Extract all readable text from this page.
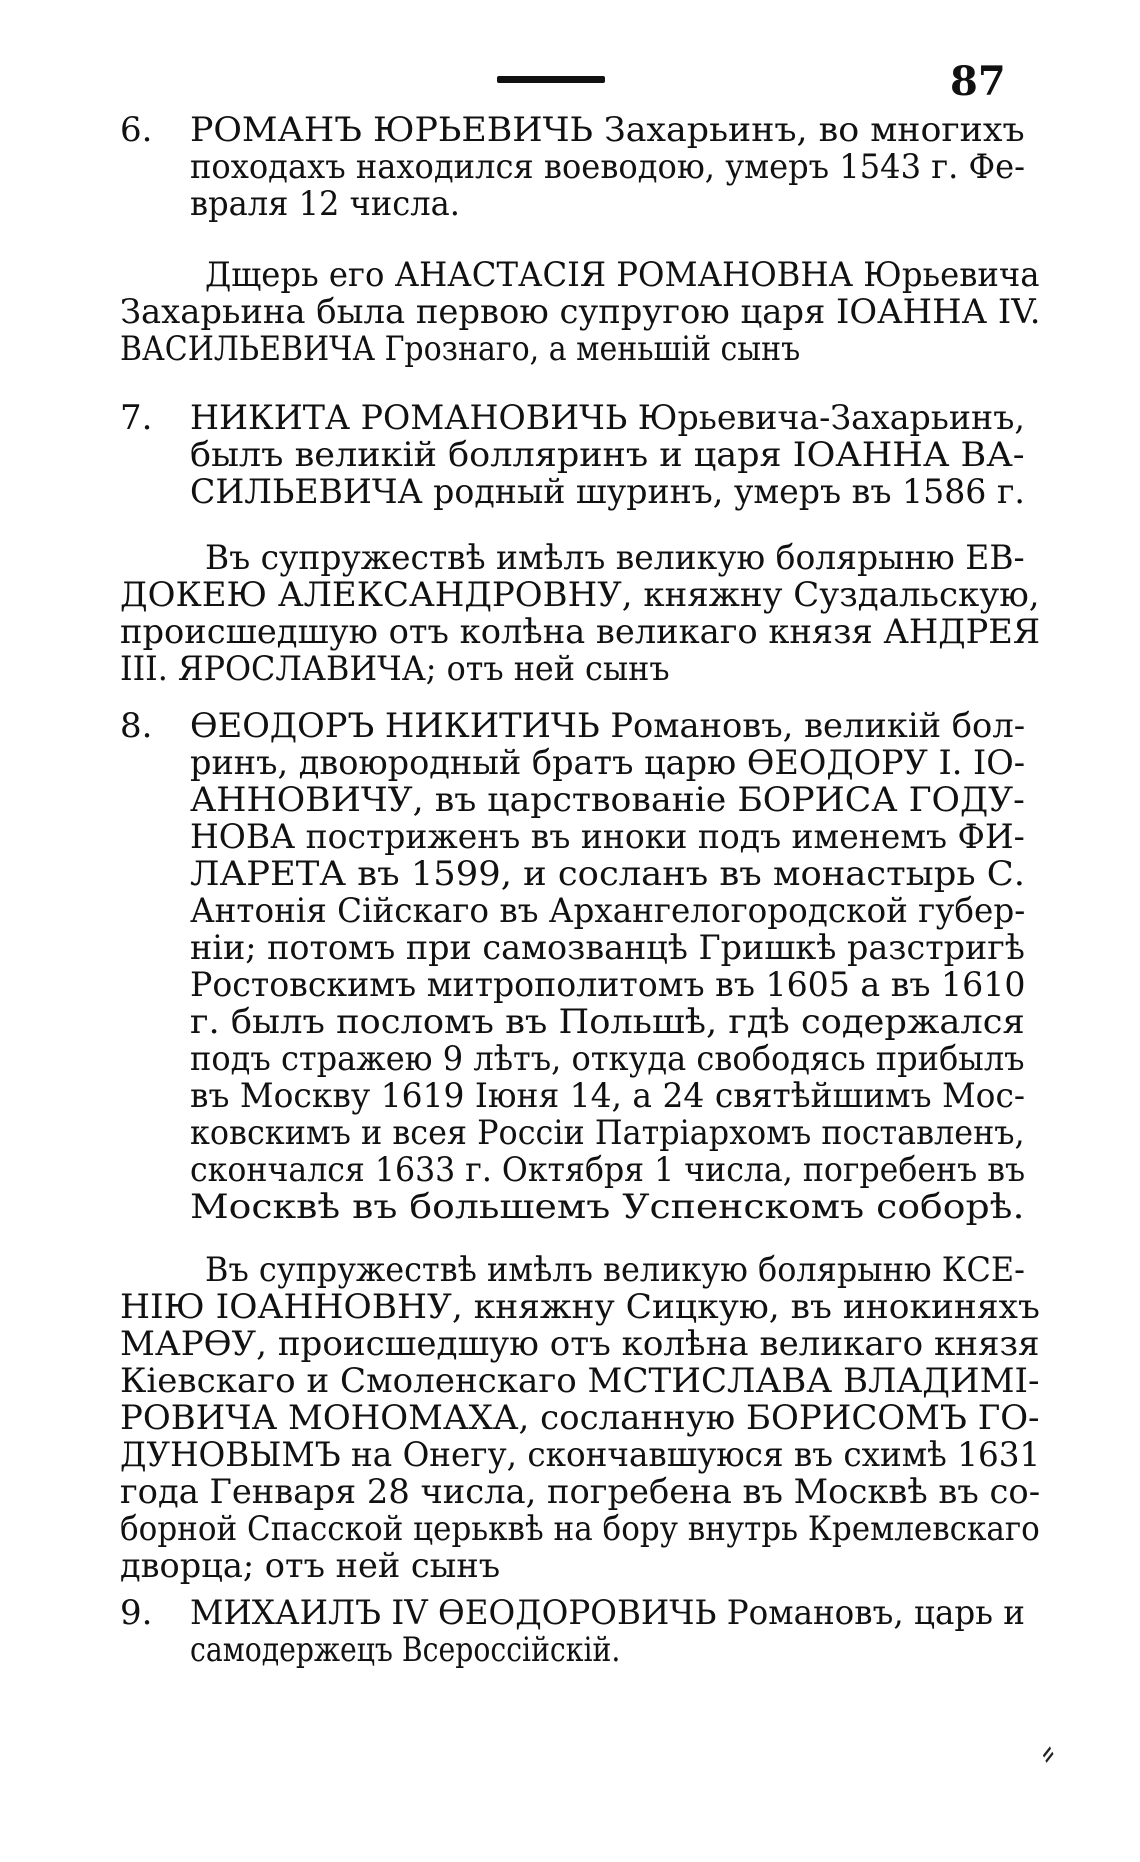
87
6. РОМАНЪ ЮРЬЕВИЧЬ Захарьинъ, во многихъ
походахъ находился воеводою, умеръ 1543 г. Фе-
враля 12 числа.
Дщерь его АНАСТАСІЯ РОМАНОВНА Юрьевича
Захарьина была первою супругою царя ІОАННА IV.
ВАСИЛЬЕВИЧА Грознаго, а меньшій сынъ
7. НИКИТА РОМАНОВИЧЬ Юрьевича-Захарьинъ,
былъ великій болляринъ и царя ІОАННА ВА-
СИЛЬЕВИЧА родный шуринъ, умеръ въ 1586 г.
Въ супружествѣ имѣлъ великую болярыню ЕВ-
ДОКЕЮ АЛЕКСАНДРОВНУ, княжну Суздальскую,
происшедшую отъ колѣна великаго князя АНДРЕЯ
III. ЯРОСЛАВИЧА; отъ ней сынъ
8. ѲЕОДОРЪ НИКИТИЧЬ Романовъ, великій бол-
ринъ, двоюродный братъ царю ѲЕОДОРУ І. ІО-
АННОВИЧУ, въ царствованіе БОРИСА ГОДУ-
НОВА постриженъ въ иноки подъ именемъ ФИ-
ЛАРЕТА въ 1599, и сосланъ въ монастырь С.
Антонія Сійскаго въ Архангелогородской губер-
ніи; потомъ при самозванцѣ Гришкѣ разстригѣ
Ростовскимъ митрополитомъ въ 1605 а въ 1610
г. былъ посломъ въ Польшѣ, гдѣ содержался
подъ стражею 9 лѣтъ, откуда свободясь прибылъ
въ Москву 1619 Іюня 14, а 24 святѣйшимъ Мос-
ковскимъ и всея Россіи Патріархомъ поставленъ,
скончался 1633 г. Октября 1 числа, погребенъ въ
Москвѣ въ большемъ Успенскомъ соборѣ.
Въ супружествѣ имѣлъ великую болярыню КСЕ-
НІЮ ІОАННОВНУ, княжну Сицкую, въ инокиняхъ
МАРѲУ, происшедшую отъ колѣна великаго князя
Кіевскаго и Смоленскаго МСТИСЛАВА ВЛАДИМІ-
РОВИЧА МОНОМАХА, сосланную БОРИСОМЪ ГО-
ДУНОВЫМЪ на Онегу, скончавшуюся въ схимѣ 1631
года Генваря 28 числа, погребена въ Москвѣ въ со-
борной Спасской церьквѣ на бору внутрь Кремлевскаго
дворца; отъ ней сынъ
9. МИХАИЛЪ IV ѲЕОДОРОВИЧЬ Романовъ, царь и
самодержецъ Всероссійскій.
⸗
